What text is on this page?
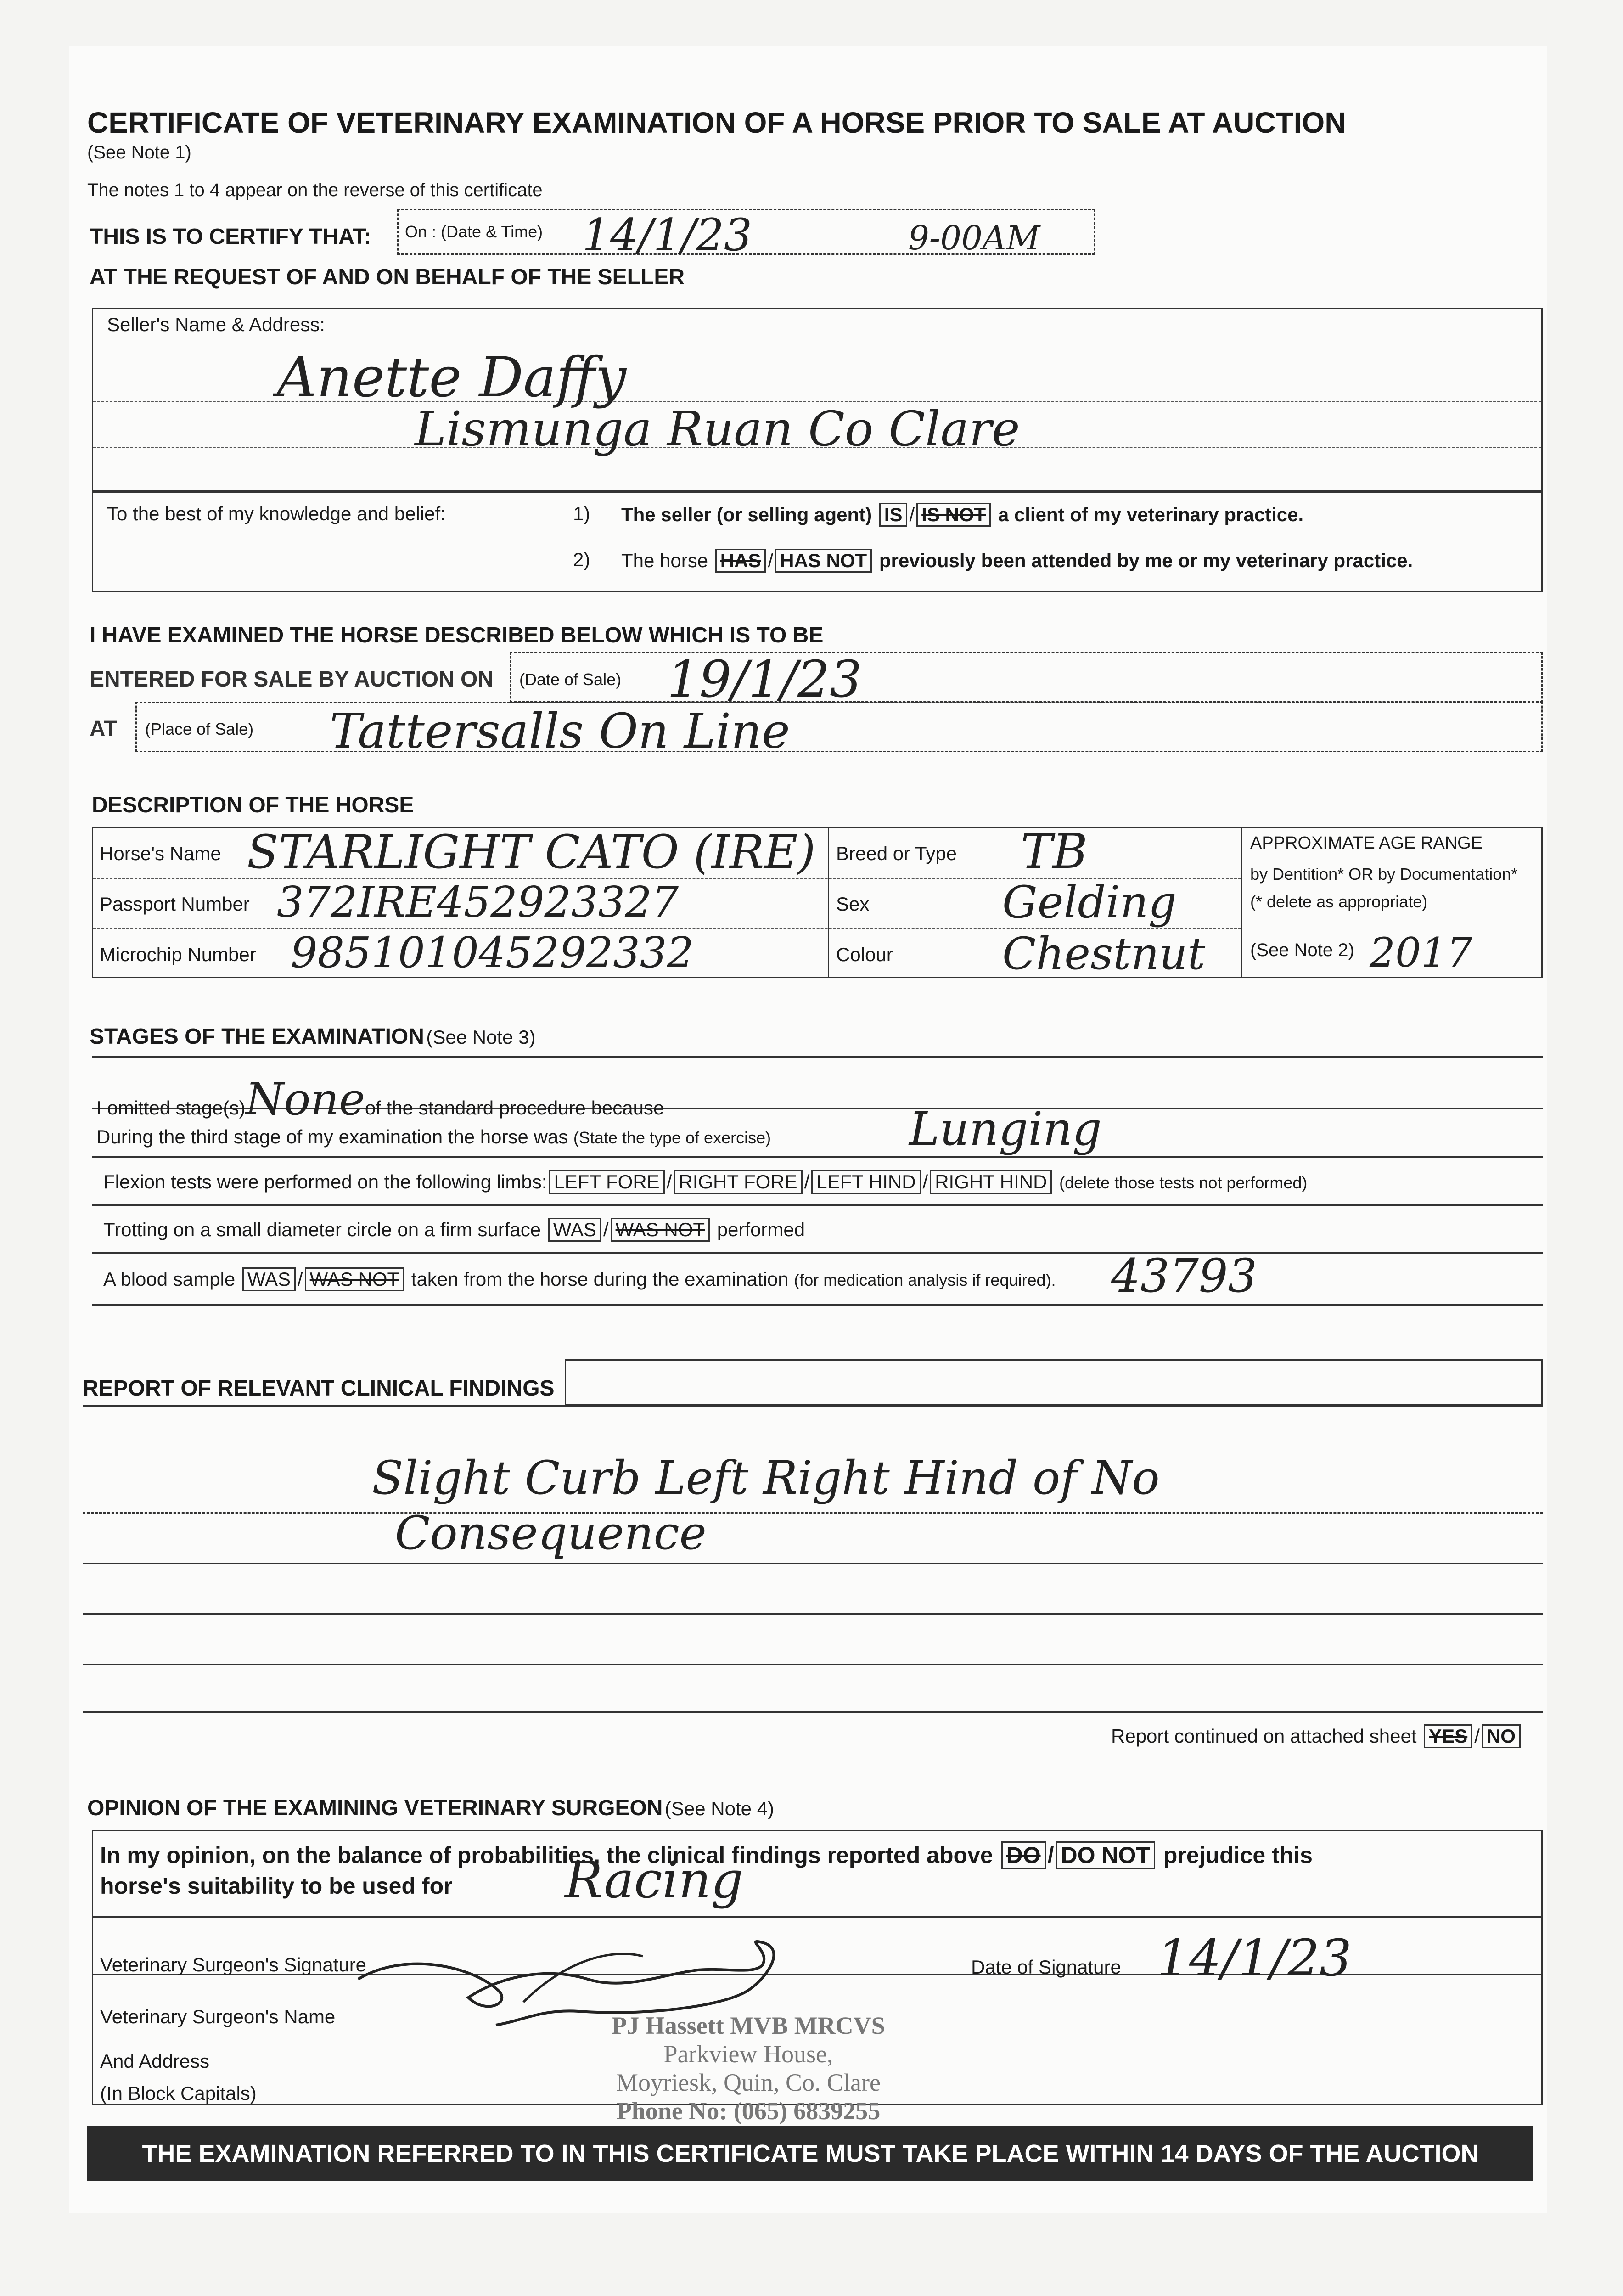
CERTIFICATE OF VETERINARY EXAMINATION OF A HORSE PRIOR TO SALE AT AUCTION
(See Note 1)
The notes 1 to 4 appear on the reverse of this certificate
THIS IS TO CERTIFY THAT: On : (Date & Time) 14/1/23	9-00AM
AT THE REQUEST OF AND ON BEHALF OF THE SELLER
Seller's Name & Address:
Anette Daffy
Lismunga Ruan Co Clare
To the best of my knowledge and belief:	1) The seller (or selling agent) IS / IS NOT a client of my veterinary practice.
2) The horse HAS / HAS NOT previously been attended by me or my veterinary practice.
I HAVE EXAMINED THE HORSE DESCRIBED BELOW WHICH IS TO BE
ENTERED FOR SALE BY AUCTION ON (Date of Sale) 19/1/23
AT (Place of Sale) Tattersalls On Line
DESCRIPTION OF THE HORSE
Horse's Name STARLIGHT CATO (IRE)
Passport Number 372IRE452923327
Microchip Number 985101045292332
Breed or Type TB
Sex	Gelding
Colour Chestnut
APPROXIMATE AGE RANGE
by Dentition* OR by Documentation*
(* delete as appropriate)
(See Note 2) 2017
STAGES OF THE EXAMINATION (See Note 3)
I omitted stage(s)Noneof the standard procedure because
During the third stage of my examination the horse was (State the type of exercise)	Lunging
Flexion tests were performed on the following limbs: LEFT FORE / RIGHT FORE / LEFT HIND / RIGHT HIND (delete those tests not performed)
Trotting on a small diameter circle on a firm surface WAS / WAS NOT performed
A blood sample WAS / WAS NOT taken from the horse during the examination (for medication analysis if required). 43793
REPORT OF RELEVANT CLINICAL FINDINGS
Slight Curb Left Right Hind of No
Consequence
Report continued on attached sheet YES / NO
OPINION OF THE EXAMINING VETERINARY SURGEON (See Note 4)
In my opinion, on the balance of probabilities, the clinical findings reported above DO / DO NOT prejudice this
horse's suitability to be used for Racing
Veterinary Surgeon's Signature	Date of Signature 14/1/23
Veterinary Surgeon's Name
And Address
(In Block Capitals)
PJ Hassett MVB MRCVS
Parkview House,
Moyriesk, Quin, Co. Clare
Phone No: (065) 6839255
THE EXAMINATION REFERRED TO IN THIS CERTIFICATE MUST TAKE PLACE WITHIN 14 DAYS OF THE AUCTION
